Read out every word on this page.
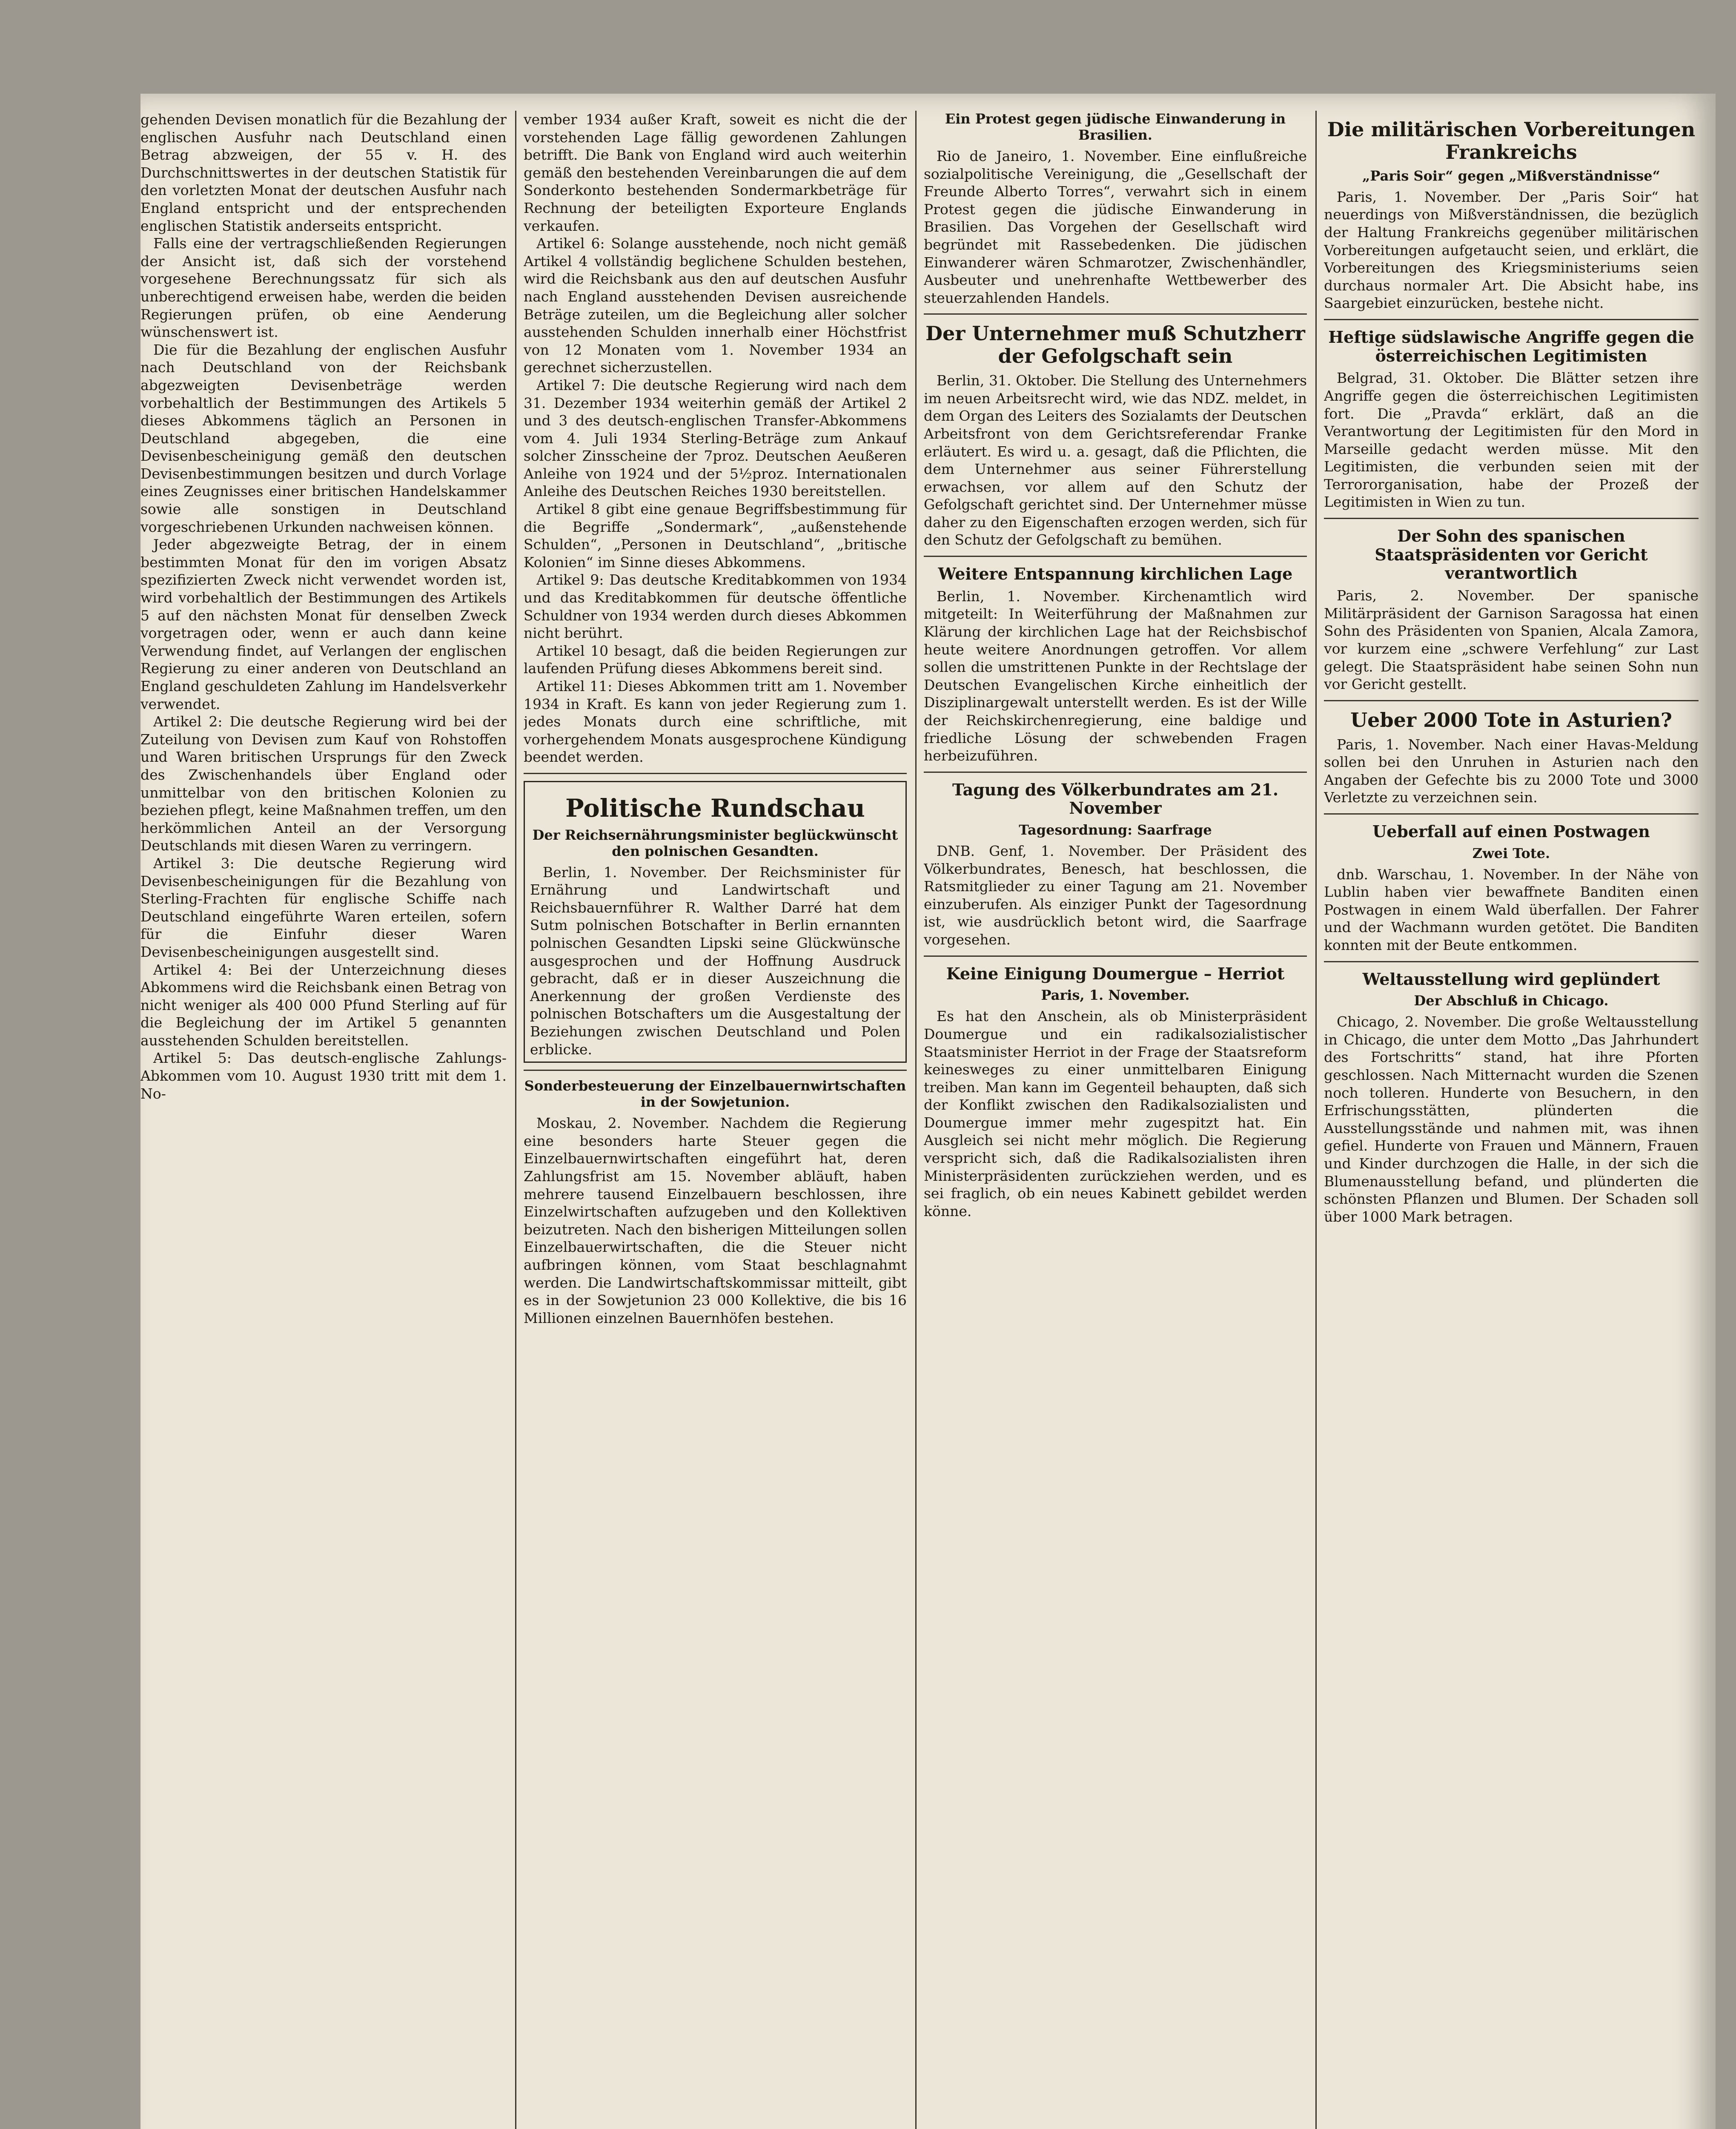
gehenden Devisen monatlich für die Bezahlung der englischen Ausfuhr nach Deutschland einen Betrag abzweigen, der 55 v. H. des Durchschnittswertes in der deutschen Statistik für den vorletzten Monat der deutschen Ausfuhr nach England entspricht und der entsprechenden englischen Statistik anderseits entspricht.

Falls eine der vertragschließenden Regierungen der Ansicht ist, daß sich der vorstehend vorgesehene Berechnungssatz für sich als unberechtigend erweisen habe, werden die beiden Regierungen prüfen, ob eine Aenderung wünschenswert ist.

Die für die Bezahlung der englischen Ausfuhr nach Deutschland von der Reichsbank abgezweigten Devisenbeträge werden vorbehaltlich der Bestimmungen des Artikels 5 dieses Abkommens täglich an Personen in Deutschland abgegeben, die eine Devisenbescheinigung gemäß den deutschen Devisenbestimmungen besitzen und durch Vorlage eines Zeugnisses einer britischen Handelskammer sowie alle sonstigen in Deutschland vorgeschriebenen Urkunden nachweisen können.

Jeder abgezweigte Betrag, der in einem bestimmten Monat für den im vorigen Absatz spezifizierten Zweck nicht verwendet worden ist, wird vorbehaltlich der Bestimmungen des Artikels 5 auf den nächsten Monat für denselben Zweck vorgetragen oder, wenn er auch dann keine Verwendung findet, auf Verlangen der englischen Regierung zu einer anderen von Deutschland an England geschuldeten Zahlung im Handelsverkehr verwendet.

Artikel 2: Die deutsche Regierung wird bei der Zuteilung von Devisen zum Kauf von Rohstoffen und Waren britischen Ursprungs für den Zweck des Zwischenhandels über England oder unmittelbar von den britischen Kolonien zu beziehen pflegt, keine Maßnahmen treffen, um den herkömmlichen Anteil an der Versorgung Deutschlands mit diesen Waren zu verringern.

Artikel 3: Die deutsche Regierung wird Devisenbescheinigungen für die Bezahlung von Sterling-Frachten für englische Schiffe nach Deutschland eingeführte Waren erteilen, sofern für die Einfuhr dieser Waren Devisenbescheinigungen ausgestellt sind.

Artikel 4: Bei der Unterzeichnung dieses Abkommens wird die Reichsbank einen Betrag von nicht weniger als 400 000 Pfund Sterling auf für die Begleichung der im Artikel 5 genannten ausstehenden Schulden bereitstellen.

Artikel 5: Das deutsch-englische Zahlungs-Abkommen vom 10. August 1930 tritt mit dem 1. No-

vember 1934 außer Kraft, soweit es nicht die der vorstehenden Lage fällig gewordenen Zahlungen betrifft. Die Bank von England wird auch weiterhin gemäß den bestehenden Vereinbarungen die auf dem Sonderkonto bestehenden Sondermarkbeträge für Rechnung der beteiligten Exporteure Englands verkaufen.

Artikel 6: Solange ausstehende, noch nicht gemäß Artikel 4 vollständig beglichene Schulden bestehen, wird die Reichsbank aus den auf deutschen Ausfuhr nach England ausstehenden Devisen ausreichende Beträge zuteilen, um die Begleichung aller solcher ausstehenden Schulden innerhalb einer Höchstfrist von 12 Monaten vom 1. November 1934 an gerechnet sicherzustellen.

Artikel 7: Die deutsche Regierung wird nach dem 31. Dezember 1934 weiterhin gemäß der Artikel 2 und 3 des deutsch-englischen Transfer-Abkommens vom 4. Juli 1934 Sterling-Beträge zum Ankauf solcher Zinsscheine der 7proz. Deutschen Aeußeren Anleihe von 1924 und der 5½proz. Internationalen Anleihe des Deutschen Reiches 1930 bereitstellen.

Artikel 8 gibt eine genaue Begriffsbestimmung für die Begriffe „Sondermark“, „außenstehende Schulden“, „Personen in Deutschland“, „britische Kolonien“ im Sinne dieses Abkommens.

Artikel 9: Das deutsche Kreditabkommen von 1934 und das Kreditabkommen für deutsche öffentliche Schuldner von 1934 werden durch dieses Abkommen nicht berührt.

Artikel 10 besagt, daß die beiden Regierungen zur laufenden Prüfung dieses Abkommens bereit sind.

Artikel 11: Dieses Abkommen tritt am 1. November 1934 in Kraft. Es kann von jeder Regierung zum 1. jedes Monats durch eine schriftliche, mit vorhergehendem Monats ausgesprochene Kündigung beendet werden.

Politische Rundschau
Der Reichsernährungsminister beglückwünscht den polnischen Gesandten.

Berlin, 1. November. Der Reichsminister für Ernährung und Landwirtschaft und Reichsbauernführer R. Walther Darré hat dem Sutm polnischen Botschafter in Berlin ernannten polnischen Gesandten Lipski seine Glückwünsche ausgesprochen und der Hoffnung Ausdruck gebracht, daß er in dieser Auszeichnung die Anerkennung der großen Verdienste des polnischen Botschafters um die Ausgestaltung der Beziehungen zwischen Deutschland und Polen erblicke.

Sonderbesteuerung der Einzelbauernwirtschaften in der Sowjetunion.

Moskau, 2. November. Nachdem die Regierung eine besonders harte Steuer gegen die Einzelbauernwirtschaften eingeführt hat, deren Zahlungsfrist am 15. November abläuft, haben mehrere tausend Einzelbauern beschlossen, ihre Einzelwirtschaften aufzugeben und den Kollektiven beizutreten. Nach den bisherigen Mitteilungen sollen Einzelbauerwirtschaften, die die Steuer nicht aufbringen können, vom Staat beschlagnahmt werden. Die Landwirtschaftskommissar mitteilt, gibt es in der Sowjetunion 23 000 Kollektive, die bis 16 Millionen einzelnen Bauernhöfen bestehen.

Ein Protest gegen jüdische Einwanderung in Brasilien.

Rio de Janeiro, 1. November. Eine einflußreiche sozialpolitische Vereinigung, die „Gesellschaft der Freunde Alberto Torres“, verwahrt sich in einem Protest gegen die jüdische Einwanderung in Brasilien. Das Vorgehen der Gesellschaft wird begründet mit Rassebedenken. Die jüdischen Einwanderer wären Schmarotzer, Zwischenhändler, Ausbeuter und unehrenhafte Wettbewerber des steuerzahlenden Handels.

Der Unternehmer muß Schutzherr der Gefolgschaft sein

Berlin, 31. Oktober. Die Stellung des Unternehmers im neuen Arbeitsrecht wird, wie das NDZ. meldet, in dem Organ des Leiters des Sozialamts der Deutschen Arbeitsfront von dem Gerichtsreferendar Franke erläutert. Es wird u. a. gesagt, daß die Pflichten, die dem Unternehmer aus seiner Führerstellung erwachsen, vor allem auf den Schutz der Gefolgschaft gerichtet sind. Der Unternehmer müsse daher zu den Eigenschaften erzogen werden, sich für den Schutz der Gefolgschaft zu bemühen.

Weitere Entspannung kirchlichen Lage

Berlin, 1. November. Kirchenamtlich wird mitgeteilt: In Weiterführung der Maßnahmen zur Klärung der kirchlichen Lage hat der Reichsbischof heute weitere Anordnungen getroffen. Vor allem sollen die umstrittenen Punkte in der Rechtslage der Deutschen Evangelischen Kirche einheitlich der Disziplinargewalt unterstellt werden. Es ist der Wille der Reichskirchenregierung, eine baldige und friedliche Lösung der schwebenden Fragen herbeizuführen.

Tagung des Völkerbundrates am 21. November
Tagesordnung: Saarfrage

DNB. Genf, 1. November. Der Präsident des Völkerbundrates, Benesch, hat beschlossen, die Ratsmitglieder zu einer Tagung am 21. November einzuberufen. Als einziger Punkt der Tagesordnung ist, wie ausdrücklich betont wird, die Saarfrage vorgesehen.

Keine Einigung Doumergue – Herriot
Paris, 1. November.

Es hat den Anschein, als ob Ministerpräsident Doumergue und ein radikalsozialistischer Staatsminister Herriot in der Frage der Staatsreform keinesweges zu einer unmittelbaren Einigung treiben. Man kann im Gegenteil behaupten, daß sich der Konflikt zwischen den Radikalsozialisten und Doumergue immer mehr zugespitzt hat. Ein Ausgleich sei nicht mehr möglich. Die Regierung verspricht sich, daß die Radikalsozialisten ihren Ministerpräsidenten zurückziehen werden, und es sei fraglich, ob ein neues Kabinett gebildet werden könne.

Die militärischen Vorbereitungen Frankreichs
„Paris Soir“ gegen „Mißverständnisse“

Paris, 1. November. Der „Paris Soir“ hat neuerdings von Mißverständnissen, die bezüglich der Haltung Frankreichs gegenüber militärischen Vorbereitungen aufgetaucht seien, und erklärt, die Vorbereitungen des Kriegsministeriums seien durchaus normaler Art. Die Absicht habe, ins Saargebiet einzurücken, bestehe nicht.

Heftige südslawische Angriffe gegen die österreichischen Legitimisten

Belgrad, 31. Oktober. Die Blätter setzen ihre Angriffe gegen die österreichischen Legitimisten fort. Die „Pravda“ erklärt, daß an die Verantwortung der Legitimisten für den Mord in Marseille gedacht werden müsse. Mit den Legitimisten, die verbunden seien mit der Terrororganisation, habe der Prozeß der Legitimisten in Wien zu tun.

Der Sohn des spanischen Staatspräsidenten vor Gericht verantwortlich

Paris, 2. November. Der spanische Militärpräsident der Garnison Saragossa hat einen Sohn des Präsidenten von Spanien, Alcala Zamora, vor kurzem eine „schwere Verfehlung“ zur Last gelegt. Die Staatspräsident habe seinen Sohn nun vor Gericht gestellt.

Ueber 2000 Tote in Asturien?

Paris, 1. November. Nach einer Havas-Meldung sollen bei den Unruhen in Asturien nach den Angaben der Gefechte bis zu 2000 Tote und 3000 Verletzte zu verzeichnen sein.

Ueberfall auf einen Postwagen
Zwei Tote.

dnb. Warschau, 1. November. In der Nähe von Lublin haben vier bewaffnete Banditen einen Postwagen in einem Wald überfallen. Der Fahrer und der Wachmann wurden getötet. Die Banditen konnten mit der Beute entkommen.

Weltausstellung wird geplündert
Der Abschluß in Chicago.

Chicago, 2. November. Die große Weltausstellung in Chicago, die unter dem Motto „Das Jahrhundert des Fortschritts“ stand, hat ihre Pforten geschlossen. Nach Mitternacht wurden die Szenen noch tolleren. Hunderte von Besuchern, in den Erfrischungsstätten, plünderten die Ausstellungsstände und nahmen mit, was ihnen gefiel. Hunderte von Frauen und Männern, Frauen und Kinder durchzogen die Halle, in der sich die Blumenausstellung befand, und plünderten die schönsten Pflanzen und Blumen. Der Schaden soll über 1000 Mark betragen.
